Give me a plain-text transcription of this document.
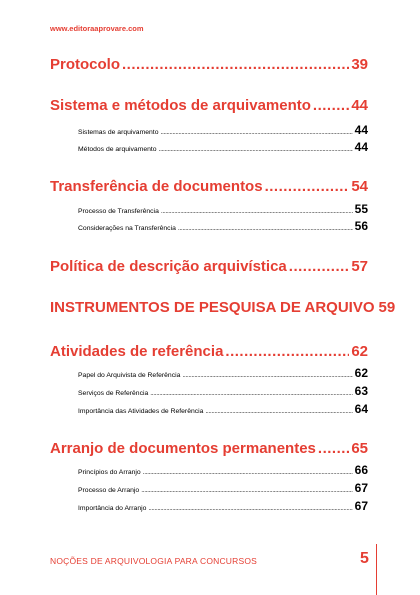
www.editoraaprovare.com
Protocolo .....	39
Sistema e métodos de arquivamento .....	44
Sistemas de arquivamento .....	44
Métodos de arquivamento .....	44
Transferência de documentos .....	54
Processo de Transferência .....	55
Considerações na Transferência .....	56
Política de descrição arquivística .....	57
INSTRUMENTOS DE PESQUISA DE ARQUIVO 59
Atividades de referência .....	62
Papel do Arquivista de Referência .....	62
Serviços de Referência .....	63
Importância das Atividades de Referência .....	64
Arranjo de documentos permanentes ..... 65
Princípios do Arranjo .....	66
Processo de Arranjo .....	67
Importância do Arranjo .....	67
NOÇÕES DE ARQUIVOLOGIA PARA CONCURSOS	5
